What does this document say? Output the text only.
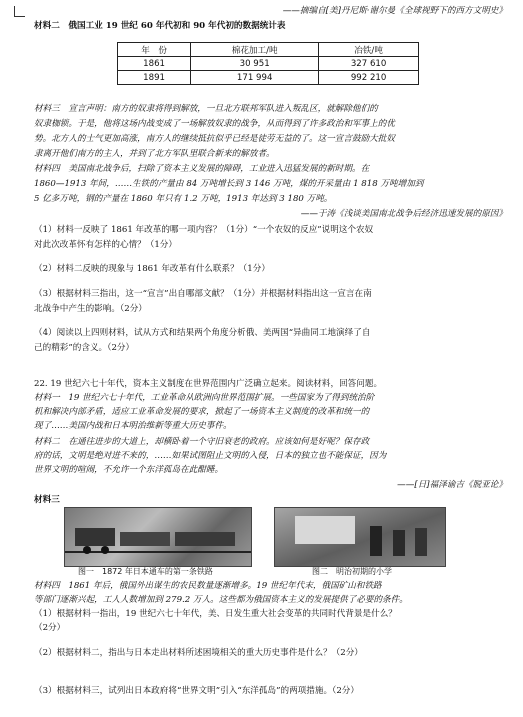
——摘编自[美]丹尼斯·谢尔曼《全球视野下的西方文明史》
材料二　俄国工业 19 世纪 60 年代初和 90 年代初的数据统计表
年　份	棉花加工/吨	冶铁/吨
1861	30 951	327 610
1891	171 994	992 210
材料三　宣言声明：南方的奴隶将得到解放，一旦北方联邦军队进入叛乱区，就解除他们的
奴隶枷锁。于是，他将这场内战变成了一场解放奴隶的战争，从而得到了许多政治和军事上的优
势。北方人的士气更加高涨，南方人的继续抵抗似乎已经是徒劳无益的了。这一宣言鼓励大批奴
隶离开他们南方的主人，并到了北方军队里联合新来的解放者。
材料四　美国南北战争后，扫除了资本主义发展的障碍，工业进入迅猛发展的新时期。在
1860—1913 年间，……生铁的产量由 84 万吨增长到 3 146 万吨，煤的开采量由 1 818 万吨增加到
5 亿多万吨，钢的产量在 1860 年只有 1.2 万吨，1913 年达到 3 180 万吨。
——于涛《浅谈美国南北战争后经济迅速发展的原因》
（1）材料一反映了 1861 年改革的哪一项内容？（1分）“一个农奴的反应”说明这个农奴
对此次改革怀有怎样的心情？（1分）
（2）材料二反映的现象与 1861 年改革有什么联系？（1分）
（3）根据材料三指出，这一“宣言”出自哪部文献？（1分）并根据材料指出这一宣言在南
北战争中产生的影响。（2分）
（4）阅读以上四则材料，试从方式和结果两个角度分析俄、美两国“异曲同工地演绎了自
己的精彩”的含义。（2分）
22. 19 世纪六七十年代，资本主义制度在世界范围内广泛确立起来。阅读材料，回答问题。
材料一　19 世纪六七十年代，工业革命从欧洲向世界范围扩展。一些国家为了得到统治阶
机和解决内部矛盾，适应工业革命发展的要求，掀起了一场资本主义制度的改革和统一的
现了……美国内战和日本明治维新等重大历史事件。
材料二　在通往进步的大道上，却横卧着一个守旧衰老的政府。应该如何是好呢？保存政
府的话，文明是绝对进不来的，……如果试图阻止文明的入侵，日本的独立也不能保证，因为
世界文明的喧闹，不允许一个东洋孤岛在此酣睡。
——[日]福泽谕吉《脱亚论》
材料三
图一　1872 年日本通车的第一条铁路	图二　明治初期的小学
材料四　1861 年后，俄国外出谋生的农民数量逐渐增多。19 世纪年代末，俄国矿山和铁路
等部门逐渐兴起，工人人数增加到 279.2 万人。这些都为俄国资本主义的发展提供了必要的条件。
（1）根据材料一指出，19 世纪六七十年代，美、日发生重大社会变革的共同时代背景是什么？
（2分）
（2）根据材料二，指出与日本走出材料所述困境相关的重大历史事件是什么？（2分）
（3）根据材料三，试列出日本政府将“世界文明”引入“东洋孤岛”的两项措施。（2分）
